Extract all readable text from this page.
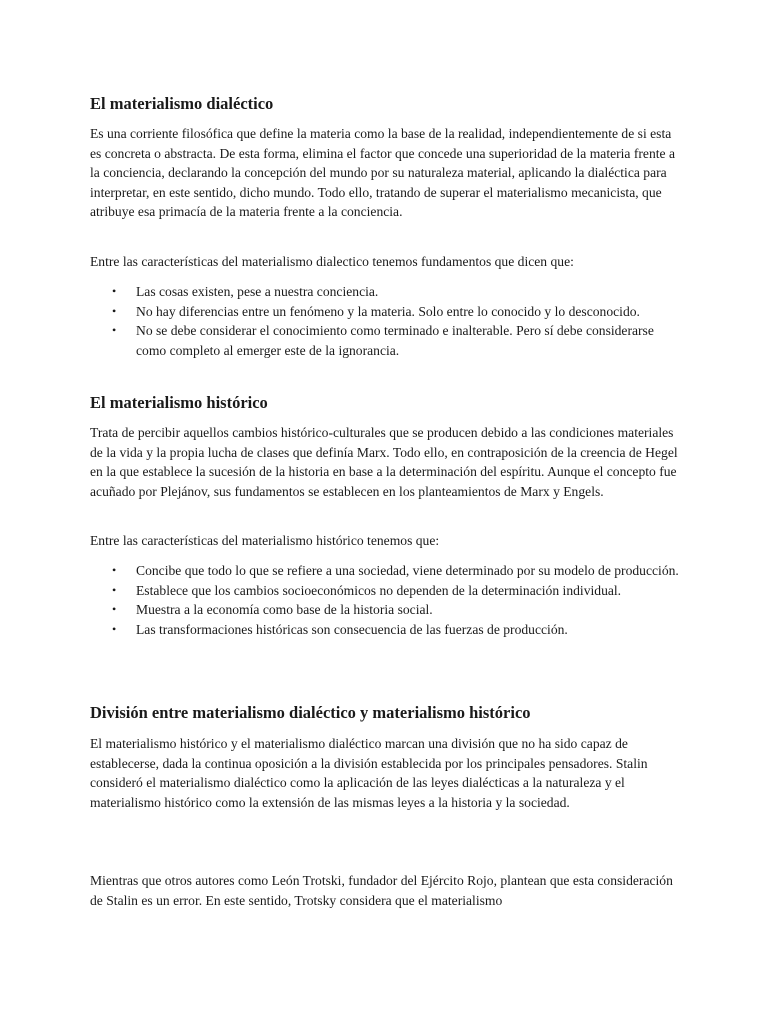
El materialismo dialéctico

Es una corriente filosófica que define la materia como la base de la realidad, independientemente de si esta es concreta o abstracta. De esta forma, elimina el factor que concede una superioridad de la materia frente a la conciencia, declarando la concepción del mundo por su naturaleza material, aplicando la dialéctica para interpretar, en este sentido, dicho mundo. Todo ello, tratando de superar el materialismo mecanicista, que atribuye esa primacía de la materia frente a la conciencia.

Entre las características del materialismo dialectico tenemos fundamentos que dicen que:

• Las cosas existen, pese a nuestra conciencia.
• No hay diferencias entre un fenómeno y la materia. Solo entre lo conocido y lo desconocido.
• No se debe considerar el conocimiento como terminado e inalterable. Pero sí debe considerarse como completo al emerger este de la ignorancia.
El materialismo histórico

Trata de percibir aquellos cambios histórico-culturales que se producen debido a las condiciones materiales de la vida y la propia lucha de clases que definía Marx. Todo ello, en contraposición de la creencia de Hegel en la que establece la sucesión de la historia en base a la determinación del espíritu. Aunque el concepto fue acuñado por Plejánov, sus fundamentos se establecen en los planteamientos de Marx y Engels.

Entre las características del materialismo histórico tenemos que:

• Concibe que todo lo que se refiere a una sociedad, viene determinado por su modelo de producción.
• Establece que los cambios socioeconómicos no dependen de la determinación individual.
• Muestra a la economía como base de la historia social.
• Las transformaciones históricas son consecuencia de las fuerzas de producción.
División entre materialismo dialéctico y materialismo histórico

El materialismo histórico y el materialismo dialéctico marcan una división que no ha sido capaz de establecerse, dada la continua oposición a la división establecida por los principales pensadores. Stalin consideró el materialismo dialéctico como la aplicación de las leyes dialécticas a la naturaleza y el materialismo histórico como la extensión de las mismas leyes a la historia y la sociedad.

Mientras que otros autores como León Trotski, fundador del Ejército Rojo, plantean que esta consideración de Stalin es un error. En este sentido, Trotsky considera que el materialismo
